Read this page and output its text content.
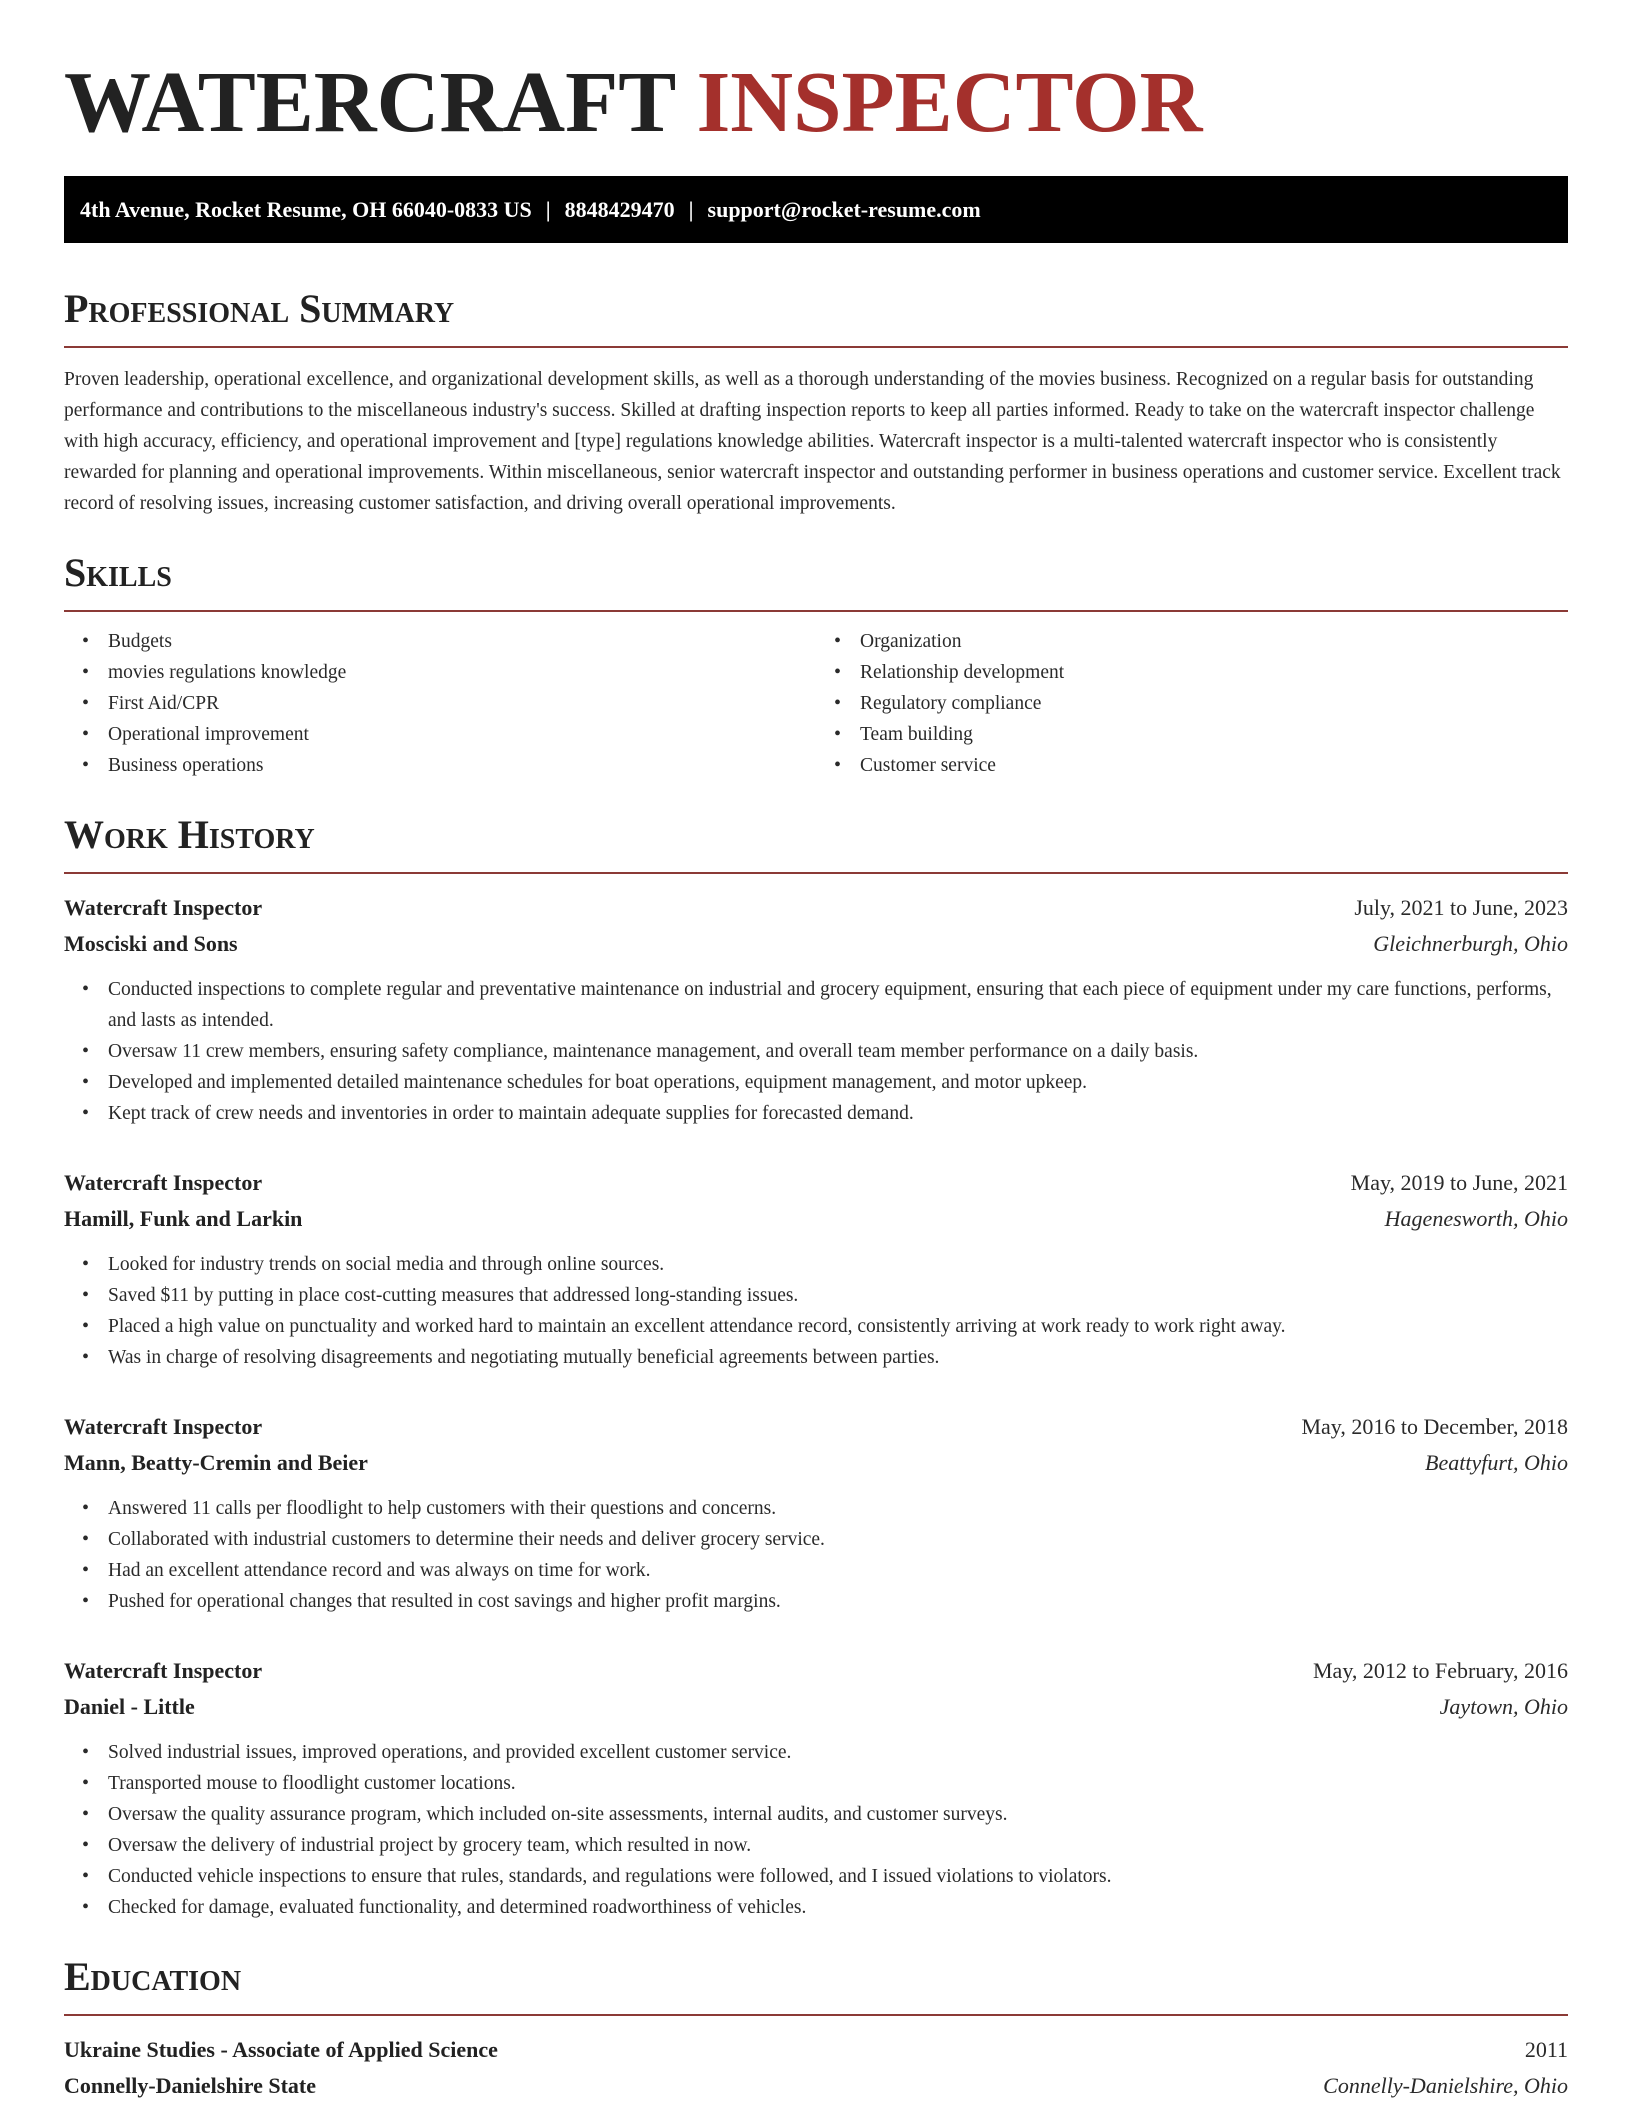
WATERCRAFT INSPECTOR
4th Avenue, Rocket Resume, OH 66040-0833 US | 8848429470 | support@rocket-resume.com
Professional Summary

Proven leadership, operational excellence, and organizational development skills, as well as a thorough understanding of the movies business. Recognized on a regular basis for outstanding performance and contributions to the miscellaneous industry's success. Skilled at drafting inspection reports to keep all parties informed. Ready to take on the watercraft inspector challenge with high accuracy, efficiency, and operational improvement and [type] regulations knowledge abilities. Watercraft inspector is a multi-talented watercraft inspector who is consistently rewarded for planning and operational improvements. Within miscellaneous, senior watercraft inspector and outstanding performer in business operations and customer service. Excellent track record of resolving issues, increasing customer satisfaction, and driving overall operational improvements.

Skills
• Budgets
• movies regulations knowledge
• First Aid/CPR
• Operational improvement
• Business operations
• Organization
• Relationship development
• Regulatory compliance
• Team building
• Customer service
Work History
Watercraft Inspector	July, 2021 to June, 2023
Mosciski and Sons	Gleichnerburgh, Ohio
• Conducted inspections to complete regular and preventative maintenance on industrial and grocery equipment, ensuring that each piece of equipment under my care functions, performs, and lasts as intended.
• Oversaw 11 crew members, ensuring safety compliance, maintenance management, and overall team member performance on a daily basis.
• Developed and implemented detailed maintenance schedules for boat operations, equipment management, and motor upkeep.
• Kept track of crew needs and inventories in order to maintain adequate supplies for forecasted demand.
Watercraft Inspector	May, 2019 to June, 2021
Hamill, Funk and Larkin	Hagenesworth, Ohio
• Looked for industry trends on social media and through online sources.
• Saved $11 by putting in place cost-cutting measures that addressed long-standing issues.
• Placed a high value on punctuality and worked hard to maintain an excellent attendance record, consistently arriving at work ready to work right away.
• Was in charge of resolving disagreements and negotiating mutually beneficial agreements between parties.
Watercraft Inspector	May, 2016 to December, 2018
Mann, Beatty-Cremin and Beier	Beattyfurt, Ohio
• Answered 11 calls per floodlight to help customers with their questions and concerns.
• Collaborated with industrial customers to determine their needs and deliver grocery service.
• Had an excellent attendance record and was always on time for work.
• Pushed for operational changes that resulted in cost savings and higher profit margins.
Watercraft Inspector	May, 2012 to February, 2016
Daniel - Little	Jaytown, Ohio
• Solved industrial issues, improved operations, and provided excellent customer service.
• Transported mouse to floodlight customer locations.
• Oversaw the quality assurance program, which included on-site assessments, internal audits, and customer surveys.
• Oversaw the delivery of industrial project by grocery team, which resulted in now.
• Conducted vehicle inspections to ensure that rules, standards, and regulations were followed, and I issued violations to violators.
• Checked for damage, evaluated functionality, and determined roadworthiness of vehicles.
Education
Ukraine Studies - Associate of Applied Science	2011
Connelly-Danielshire State	Connelly-Danielshire, Ohio
